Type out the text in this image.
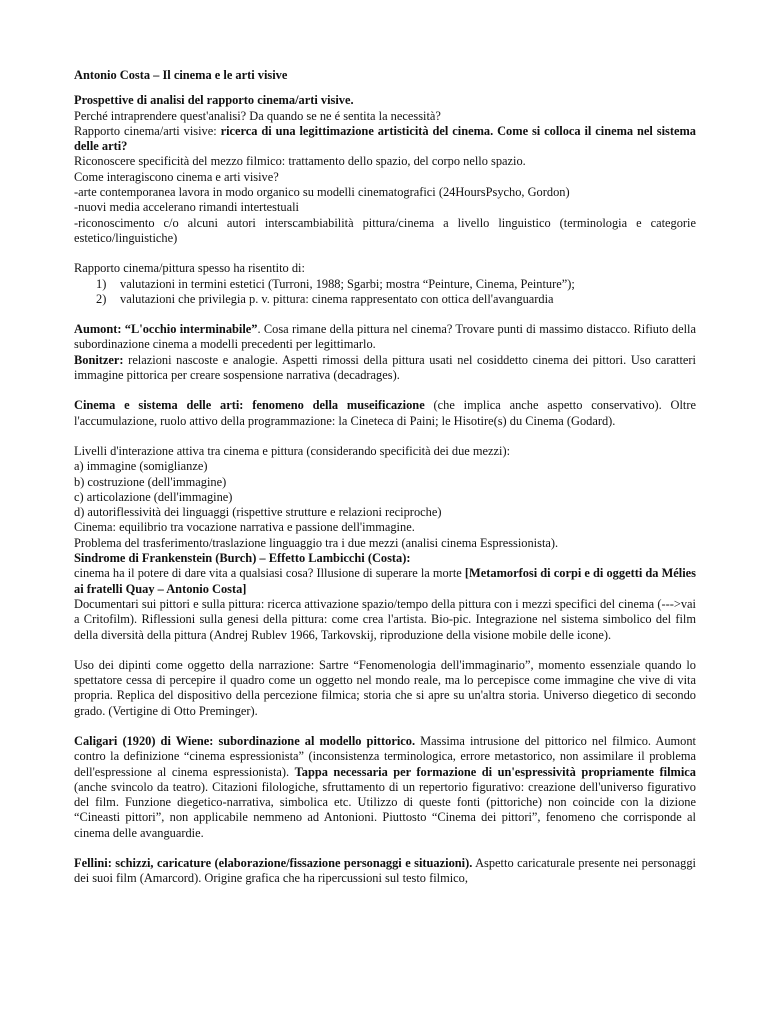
Antonio Costa – Il cinema e le arti visive

Prospettive di analisi del rapporto cinema/arti visive.

Perché intraprendere quest'analisi? Da quando se ne é sentita la necessità?

Rapporto cinema/arti visive: ricerca di una legittimazione artisticità del cinema. Come si colloca il cinema nel sistema delle arti?

Riconoscere specificità del mezzo filmico: trattamento dello spazio, del corpo nello spazio.

Come interagiscono cinema e arti visive?

-arte contemporanea lavora in modo organico su modelli cinematografici (24HoursPsycho, Gordon)

-nuovi media accelerano rimandi intertestuali

-riconoscimento c/o alcuni autori interscambiabilità pittura/cinema a livello linguistico (terminologia e categorie estetico/linguistiche)

Rapporto cinema/pittura spesso ha risentito di:

1) valutazioni in termini estetici (Turroni, 1988; Sgarbi; mostra “Peinture, Cinema, Peinture”);
2) valutazioni che privilegia p. v. pittura: cinema rappresentato con ottica dell'avanguardia

Aumont: “L'occhio interminabile”. Cosa rimane della pittura nel cinema? Trovare punti di massimo distacco. Rifiuto della subordinazione cinema a modelli precedenti per legittimarlo.

Bonitzer: relazioni nascoste e analogie. Aspetti rimossi della pittura usati nel cosiddetto cinema dei pittori. Uso caratteri immagine pittorica per creare sospensione narrativa (decadrages).

Cinema e sistema delle arti: fenomeno della museificazione (che implica anche aspetto conservativo). Oltre l'accumulazione, ruolo attivo della programmazione: la Cineteca di Paini; le Hisotire(s) du Cinema (Godard).

Livelli d'interazione attiva tra cinema e pittura (considerando specificità dei due mezzi):

a) immagine (somiglianze)

b) costruzione (dell'immagine)

c) articolazione (dell'immagine)

d) autoriflessività dei linguaggi (rispettive strutture e relazioni reciproche)

Cinema: equilibrio tra vocazione narrativa e passione dell'immagine.

Problema del trasferimento/traslazione linguaggio tra i due mezzi (analisi cinema Espressionista).

Sindrome di Frankenstein (Burch) – Effetto Lambicchi (Costa):

cinema ha il potere di dare vita a qualsiasi cosa? Illusione di superare la morte [Metamorfosi di corpi e di oggetti da Mélies ai fratelli Quay – Antonio Costa]

Documentari sui pittori e sulla pittura: ricerca attivazione spazio/tempo della pittura con i mezzi specifici del cinema (--->vai a Critofilm). Riflessioni sulla genesi della pittura: come crea l'artista. Bio-pic. Integrazione nel sistema simbolico del film della diversità della pittura (Andrej Rublev 1966, Tarkovskij, riproduzione della visione mobile delle icone).

Uso dei dipinti come oggetto della narrazione: Sartre “Fenomenologia dell'immaginario”, momento essenziale quando lo spettatore cessa di percepire il quadro come un oggetto nel mondo reale, ma lo percepisce come immagine che vive di vita propria. Replica del dispositivo della percezione filmica; storia che si apre su un'altra storia. Universo diegetico di secondo grado. (Vertigine di Otto Preminger).

Caligari (1920) di Wiene: subordinazione al modello pittorico. Massima intrusione del pittorico nel filmico. Aumont contro la definizione “cinema espressionista” (inconsistenza terminologica, errore metastorico, non assimilare il problema dell'espressione al cinema espressionista). Tappa necessaria per formazione di un'espressività propriamente filmica (anche svincolo da teatro). Citazioni filologiche, sfruttamento di un repertorio figurativo: creazione dell'universo figurativo del film. Funzione diegetico-narrativa, simbolica etc. Utilizzo di queste fonti (pittoriche) non coincide con la dizione “Cineasti pittori”, non applicabile nemmeno ad Antonioni. Piuttosto “Cinema dei pittori”, fenomeno che corrisponde al cinema delle avanguardie.

Fellini: schizzi, caricature (elaborazione/fissazione personaggi e situazioni). Aspetto caricaturale presente nei personaggi dei suoi film (Amarcord). Origine grafica che ha ripercussioni sul testo filmico,
